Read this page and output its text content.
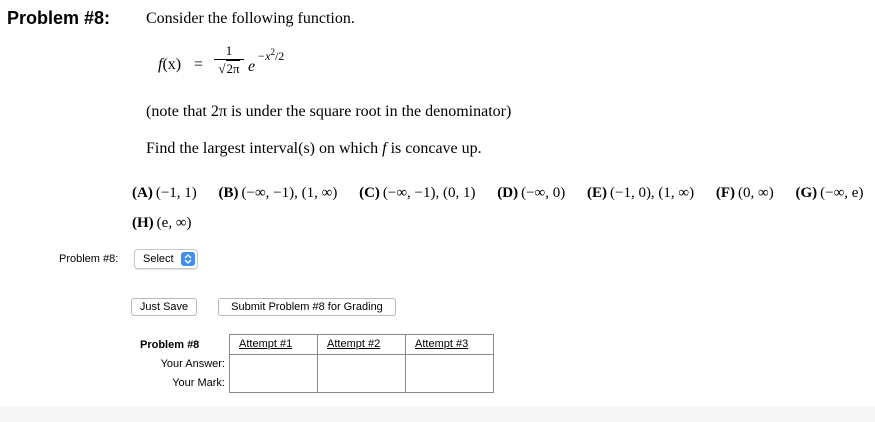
Problem #8: Consider the following function.
f(x) =
1
√2π e
$-x^2/2$
(note that 2π is under the square root in the denominator)
Find the largest interval(s) on which f is concave up.
(A) (−1, 1) (B) (−∞, −1), (1, ∞) (C) (−∞, −1), (0, 1) (D) (−∞, 0) (E) (−1, 0), (1, ∞) (F) (0, ∞) (G) (−∞, e)
(H) (e, ∞)
Problem #8: Select
Just Save	Submit Problem #8 for Grading
Problem #8	Attempt #1	Attempt #2	Attempt #3

Your Answer:			
Your Mark:			
